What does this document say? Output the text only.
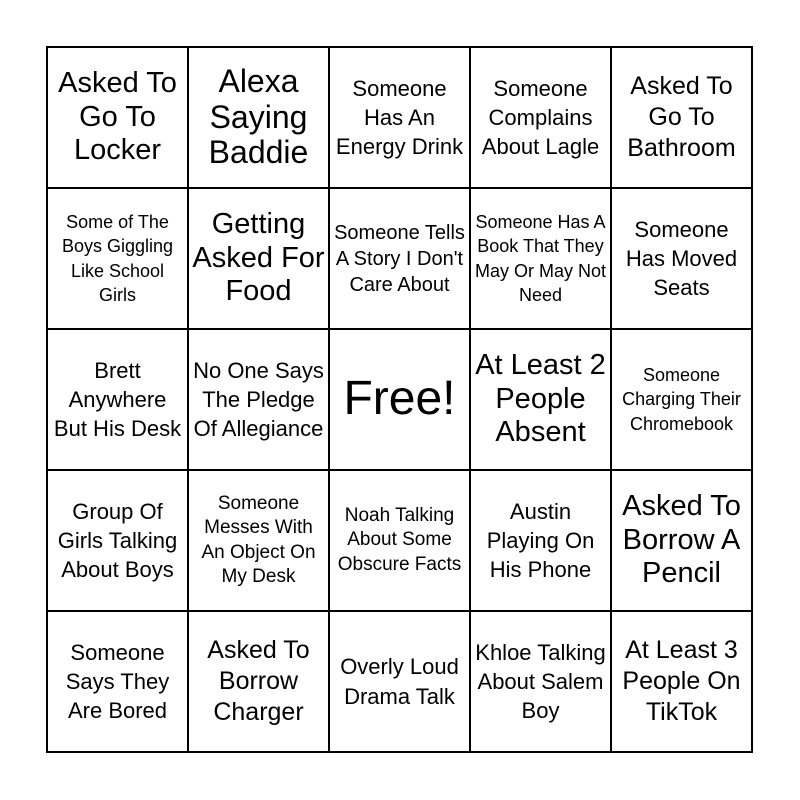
Asked To Go To Locker
Alexa Saying Baddie
Someone Has An Energy Drink
Someone Complains About Lagle
Asked To Go To Bathroom
Some of The Boys Giggling Like School Girls
Getting Asked For Food
Someone Tells A Story I Don't Care About
Someone Has A Book That They May Or May Not Need
Someone Has Moved Seats
Brett Anywhere But His Desk
No One Says The Pledge Of Allegiance
Free!
At Least 2 People Absent
Someone Charging Their Chromebook
Group Of Girls Talking About Boys
Someone Messes With An Object On My Desk
Noah Talking About Some Obscure Facts
Austin Playing On His Phone
Asked To Borrow A Pencil
Someone Says They Are Bored
Asked To Borrow Charger
Overly Loud Drama Talk
Khloe Talking About Salem Boy
At Least 3 People On TikTok
